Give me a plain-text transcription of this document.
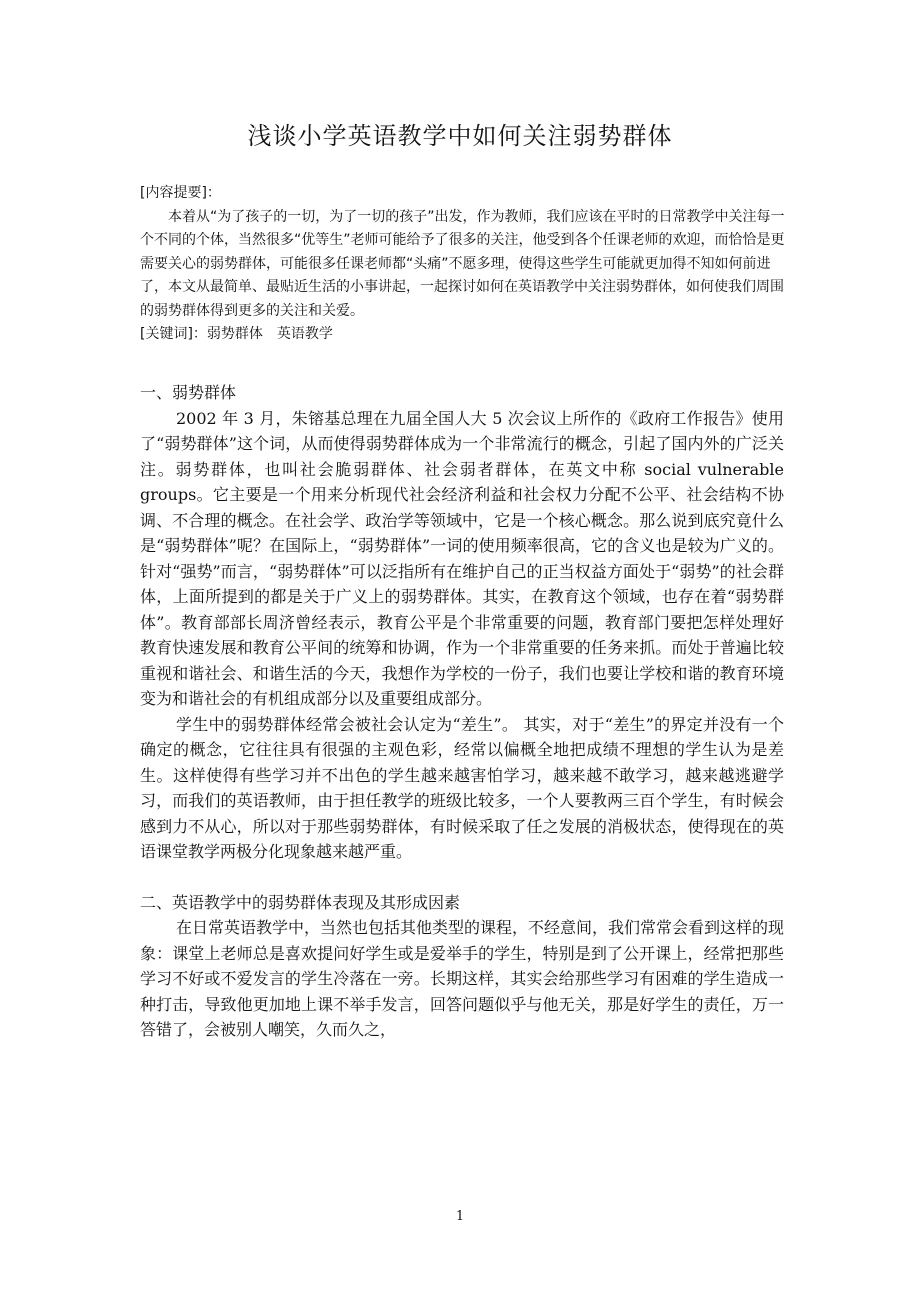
浅谈小学英语教学中如何关注弱势群体

[内容提要]：

本着从“为了孩子的一切，为了一切的孩子”出发，作为教师，我们应该在平时的日常教学中关注每一个不同的个体，当然很多“优等生”老师可能给予了很多的关注，他受到各个任课老师的欢迎，而恰恰是更需要关心的弱势群体，可能很多任课老师都“头痛”不愿多理，使得这些学生可能就更加得不知如何前进了，本文从最简单、最贴近生活的小事讲起，一起探讨如何在英语教学中关注弱势群体，如何使我们周围的弱势群体得到更多的关注和关爱。

[关键词]：弱势群体　英语教学

一、弱势群体

2002 年 3 月，朱镕基总理在九届全国人大 5 次会议上所作的《政府工作报告》使用了“弱势群体”这个词，从而使得弱势群体成为一个非常流行的概念，引起了国内外的广泛关注。弱势群体，也叫社会脆弱群体、社会弱者群体，在英文中称 social vulnerable groups。它主要是一个用来分析现代社会经济利益和社会权力分配不公平、社会结构不协调、不合理的概念。在社会学、政治学等领域中，它是一个核心概念。那么说到底究竟什么是“弱势群体”呢？在国际上，“弱势群体”一词的使用频率很高，它的含义也是较为广义的。针对“强势”而言，“弱势群体”可以泛指所有在维护自己的正当权益方面处于“弱势”的社会群体，上面所提到的都是关于广义上的弱势群体。其实，在教育这个领域，也存在着“弱势群体”。教育部部长周济曾经表示，教育公平是个非常重要的问题，教育部门要把怎样处理好教育快速发展和教育公平间的统筹和协调，作为一个非常重要的任务来抓。而处于普遍比较重视和谐社会、和谐生活的今天，我想作为学校的一份子，我们也要让学校和谐的教育环境变为和谐社会的有机组成部分以及重要组成部分。

学生中的弱势群体经常会被社会认定为“差生”。 其实，对于“差生”的界定并没有一个确定的概念，它往往具有很强的主观色彩，经常以偏概全地把成绩不理想的学生认为是差生。这样使得有些学习并不出色的学生越来越害怕学习，越来越不敢学习，越来越逃避学习，而我们的英语教师，由于担任教学的班级比较多，一个人要教两三百个学生，有时候会感到力不从心，所以对于那些弱势群体，有时候采取了任之发展的消极状态，使得现在的英语课堂教学两极分化现象越来越严重。

二、英语教学中的弱势群体表现及其形成因素

在日常英语教学中，当然也包括其他类型的课程，不经意间，我们常常会看到这样的现象：课堂上老师总是喜欢提问好学生或是爱举手的学生，特别是到了公开课上，经常把那些学习不好或不爱发言的学生冷落在一旁。长期这样，其实会给那些学习有困难的学生造成一种打击，导致他更加地上课不举手发言，回答问题似乎与他无关，那是好学生的责任，万一答错了，会被别人嘲笑，久而久之，

1
